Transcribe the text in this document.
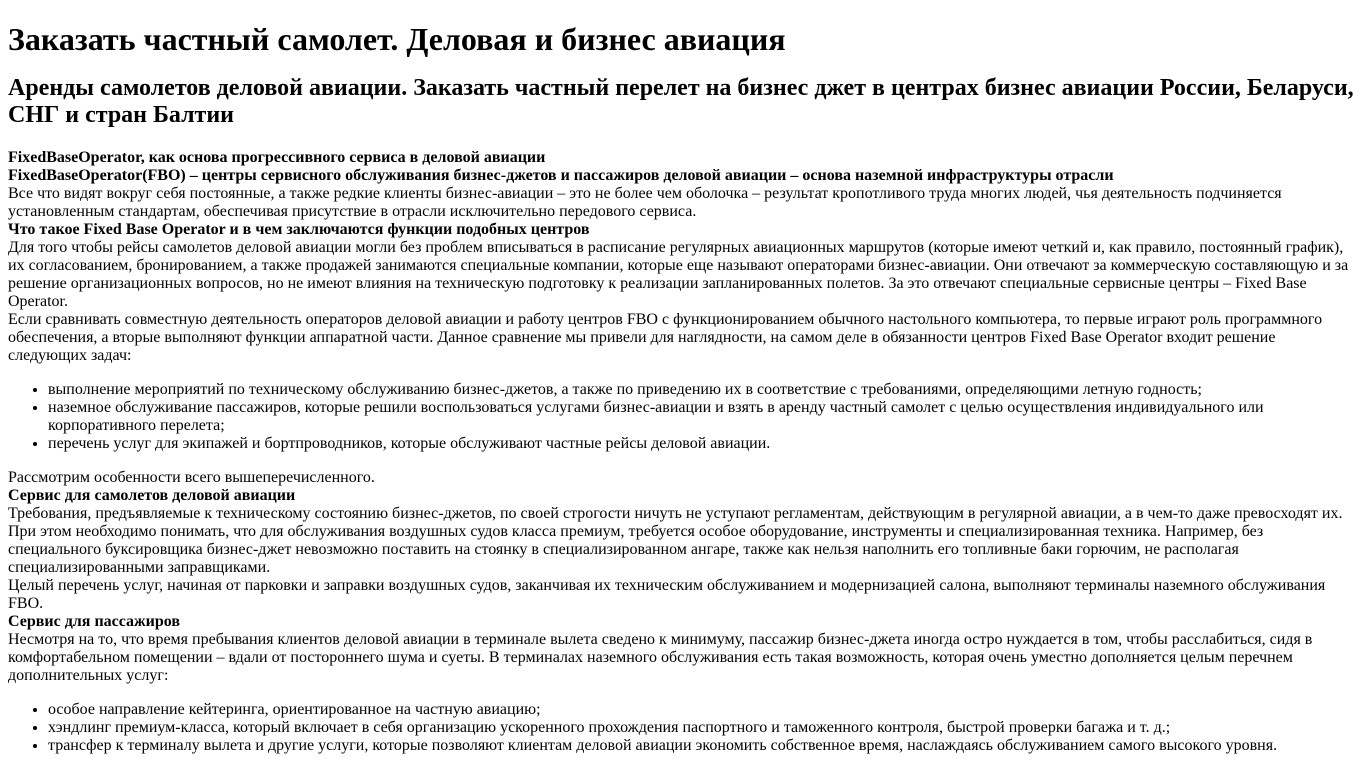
Заказать частный самолет. Деловая и бизнес авиация
Аренды самолетов деловой авиации. Заказать частный перелет на бизнес джет в центрах бизнес авиации России, Беларуси, СНГ и стран Балтии

FixedBaseOperator, как основа прогрессивного сервиса в деловой авиации

FixedBaseOperator(FBO) – центры сервисного обслуживания бизнес-джетов и пассажиров деловой авиации – основа наземной инфраструктуры отрасли

Все что видят вокруг себя постоянные, а также редкие клиенты бизнес-авиации – это не более чем оболочка – результат кропотливого труда многих людей, чья деятельность подчиняется установленным стандартам, обеспечивая присутствие в отрасли исключительно передового сервиса.

Что такое Fixed Base Operator и в чем заключаются функции подобных центров

Для того чтобы рейсы самолетов деловой авиации могли без проблем вписываться в расписание регулярных авиационных маршрутов (которые имеют четкий и, как правило, постоянный график), их согласованием, бронированием, а также продажей занимаются специальные компании, которые еще называют операторами бизнес-авиации. Они отвечают за коммерческую составляющую и за решение организационных вопросов, но не имеют влияния на техническую подготовку к реализации запланированных полетов. За это отвечают специальные сервисные центры – Fixed Base Operator.

Если сравнивать совместную деятельность операторов деловой авиации и работу центров FBO с функционированием обычного настольного компьютера, то первые играют роль программного обеспечения, а вторые выполняют функции аппаратной части. Данное сравнение мы привели для наглядности, на самом деле в обязанности центров Fixed Base Operator входит решение следующих задач:

• выполнение мероприятий по техническому обслуживанию бизнес-джетов, а также по приведению их в соответствие с требованиями, определяющими летную годность;
• наземное обслуживание пассажиров, которые решили воспользоваться услугами бизнес-авиации и взять в аренду частный самолет с целью осуществления индивидуального или корпоративного перелета;
• перечень услуг для экипажей и бортпроводников, которые обслуживают частные рейсы деловой авиации.

Рассмотрим особенности всего вышеперечисленного.

Сервис для самолетов деловой авиации

Требования, предъявляемые к техническому состоянию бизнес-джетов, по своей строгости ничуть не уступают регламентам, действующим в регулярной авиации, а в чем-то даже превосходят их. При этом необходимо понимать, что для обслуживания воздушных судов класса премиум, требуется особое оборудование, инструменты и специализированная техника. Например, без специального буксировщика бизнес-джет невозможно поставить на стоянку в специализированном ангаре, также как нельзя наполнить его топливные баки горючим, не располагая специализированными заправщиками.

Целый перечень услуг, начиная от парковки и заправки воздушных судов, заканчивая их техническим обслуживанием и модернизацией салона, выполняют терминалы наземного обслуживания FBO.

Сервис для пассажиров

Несмотря на то, что время пребывания клиентов деловой авиации в терминале вылета сведено к минимуму, пассажир бизнес-джета иногда остро нуждается в том, чтобы расслабиться, сидя в комфортабельном помещении – вдали от постороннего шума и суеты. В терминалах наземного обслуживания есть такая возможность, которая очень уместно дополняется целым перечнем дополнительных услуг:

• особое направление кейтеринга, ориентированное на частную авиацию;
• хэндлинг премиум-класса, который включает в себя организацию ускоренного прохождения паспортного и таможенного контроля, быстрой проверки багажа и т. д.;
• трансфер к терминалу вылета и другие услуги, которые позволяют клиентам деловой авиации экономить собственное время, наслаждаясь обслуживанием самого высокого уровня.
